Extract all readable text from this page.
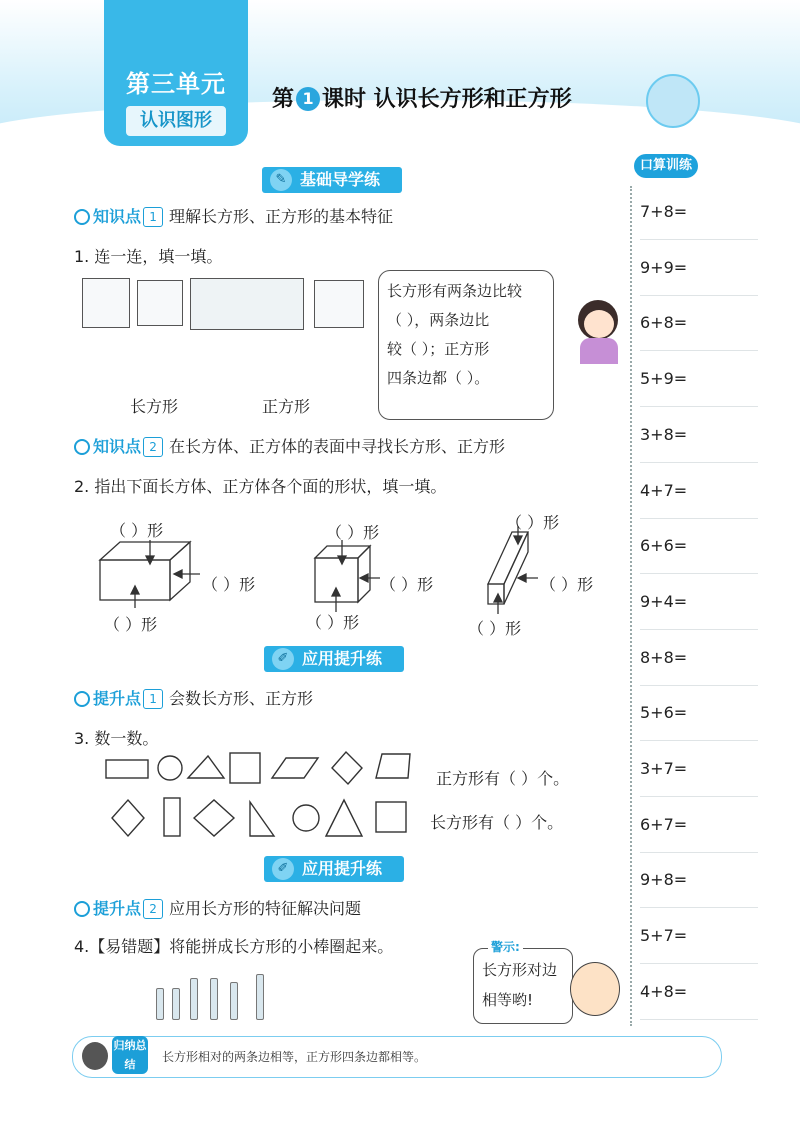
第三单元
认识图形
第 1 课时 认识长方形和正方形
口算训练
7+8=
9+9=
6+8=
5+9=
3+8=
4+7=
6+6=
9+4=
8+8=
5+6=
3+7=
6+7=
9+8=
5+7=
4+8=
✎ 基础导学练
知识点 1 理解长方形、正方形的基本特征
1. 连一连，填一填。
长方形	正方形
长方形有两条边比较
（ ），两条边比
较（ ）；正方形
四条边都（ ）。
知识点 2 在长方体、正方体的表面中寻找长方形、正方形
2. 指出下面长方体、正方体各个面的形状，填一填。
（ ）形
（ ）形
（ ）形
（ ）形
（ ）形
（ ）形
（ ）形
（ ）形
（ ）形
✐ 应用提升练
提升点 1 会数长方形、正方形
3. 数一数。
正方形有（ ）个。
长方形有（ ）个。
✐ 应用提升练
提升点 2 应用长方形的特征解决问题
4.【易错题】将能拼成长方形的小棒圈起来。
长方形对边
相等哟!
警示:
归纳总结
长方形相对的两条边相等，正方形四条边都相等。
